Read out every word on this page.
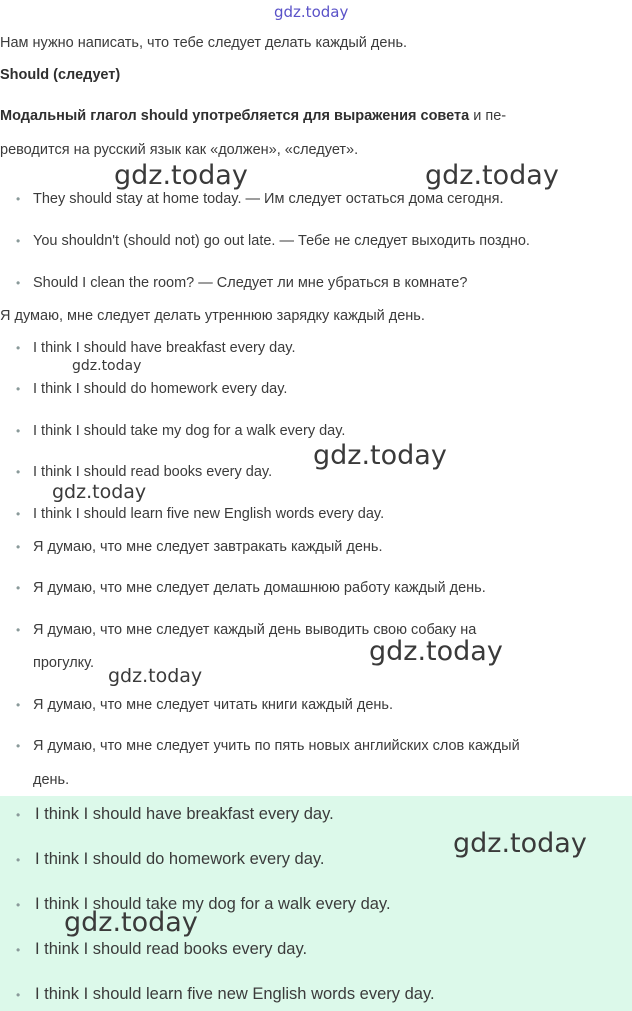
gdz.today
Нам нужно написать, что тебе следует делать каждый день.
Should (следует)
Модальный глагол should употребляется для выражения совета и пе-
реводится на русский язык как «должен», «следует».
gdz.today	gdz.today
• They should stay at home today. — Им следует остаться дома сегодня.
• You shouldn't (should not) go out late. — Тебе не следует выходить поздно.
• Should I clean the room? — Следует ли мне убраться в комнате?
Я думаю, мне следует делать утреннюю зарядку каждый день.
• I think I should have breakfast every day.
gdz.today
• I think I should do homework every day.
• I think I should take my dog for a walk every day.
• I think I should read books every day.
gdz.today
gdz.today
• I think I should learn five new English words every day.
• Я думаю, что мне следует завтракать каждый день.
• Я думаю, что мне следует делать домашнюю работу каждый день.
• Я думаю, что мне следует каждый день выводить свою собаку на
прогулку.	gdz.today
gdz.today
• Я думаю, что мне следует читать книги каждый день.
• Я думаю, что мне следует учить по пять новых английских слов каждый
день.
• I think I should have breakfast every day.
gdz.today
• I think I should do homework every day.
• I think I should take my dog for a walk every day.
gdz.today
• I think I should read books every day.
• I think I should learn five new English words every day.
